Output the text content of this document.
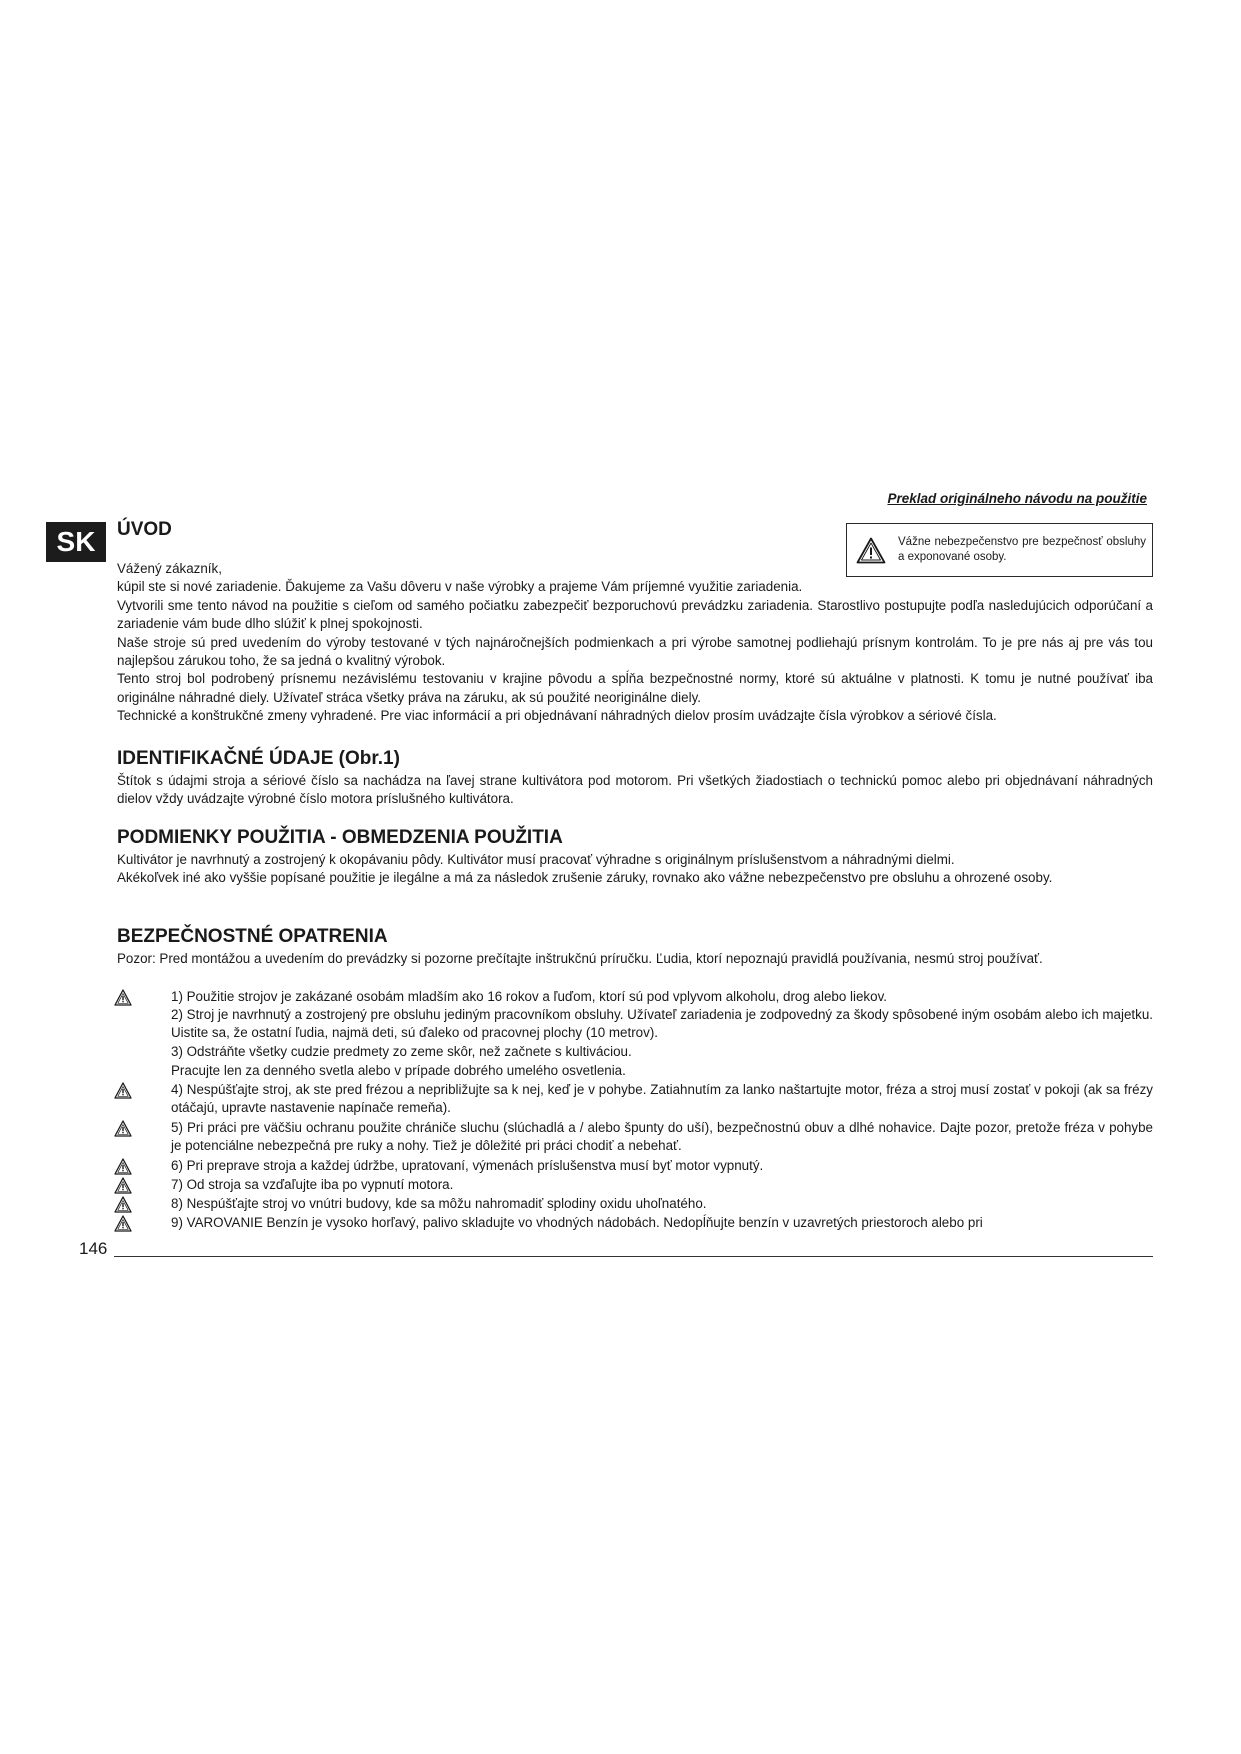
Preklad originálneho návodu na použitie
SK	ÚVOD
Vážne nebezpečenstvo pre bezpečnosť obsluhy a exponované osoby.

Vážený zákazník,

kúpil ste si nové zariadenie. Ďakujeme za Vašu dôveru v naše výrobky a prajeme Vám príjemné využitie zariadenia.

Vytvorili sme tento návod na použitie s cieľom od samého počiatku zabezpečiť bezporuchovú prevádzku zariadenia. Starostlivo postupujte podľa nasledujúcich odporúčaní a zariadenie vám bude dlho slúžiť k plnej spokojnosti.

Naše stroje sú pred uvedením do výroby testované v tých najnáročnejších podmienkach a pri výrobe samotnej podliehajú prísnym kontrolám. To je pre nás aj pre vás tou najlepšou zárukou toho, že sa jedná o kvalitný výrobok.

Tento stroj bol podrobený prísnemu nezávislému testovaniu v krajine pôvodu a spĺňa bezpečnostné normy, ktoré sú aktuálne v platnosti. K tomu je nutné používať iba originálne náhradné diely. Užívateľ stráca všetky práva na záruku, ak sú použité neoriginálne diely.

Technické a konštrukčné zmeny vyhradené. Pre viac informácií a pri objednávaní náhradných dielov prosím uvádzajte čísla výrobkov a sériové čísla.

IDENTIFIKAČNÉ ÚDAJE (Obr.1)

Štítok s údajmi stroja a sériové číslo sa nachádza na ľavej strane kultivátora pod motorom. Pri všetkých žiadostiach o technickú pomoc alebo pri objednávaní náhradných dielov vždy uvádzajte výrobné číslo motora príslušného kultivátora.

PODMIENKY POUŽITIA - OBMEDZENIA POUŽITIA

Kultivátor je navrhnutý a zostrojený k okopávaniu pôdy. Kultivátor musí pracovať výhradne s originálnym príslušenstvom a náhradnými dielmi.

Akékoľvek iné ako vyššie popísané použitie je ilegálne a má za následok zrušenie záruky, rovnako ako vážne nebezpečenstvo pre obsluhu a ohrozené osoby.

BEZPEČNOSTNÉ OPATRENIA

Pozor: Pred montážou a uvedením do prevádzky si pozorne prečítajte inštrukčnú príručku. Ľudia, ktorí nepoznajú pravidlá používania, nesmú stroj používať.

1) Použitie strojov je zakázané osobám mladším ako 16 rokov a ľuďom, ktorí sú pod vplyvom alkoholu, drog alebo liekov.
2) Stroj je navrhnutý a zostrojený pre obsluhu jediným pracovníkom obsluhy. Užívateľ zariadenia je zodpovedný za škody spôsobené iným osobám alebo ich majetku. Uistite sa, že ostatní ľudia, najmä deti, sú ďaleko od pracovnej plochy (10 metrov).
3) Odstráňte všetky cudzie predmety zo zeme skôr, než začnete s kultiváciou.
Pracujte len za denného svetla alebo v prípade dobrého umelého osvetlenia.
4) Nespúšťajte stroj, ak ste pred frézou a nepribližujte sa k nej, keď je v pohybe. Zatiahnutím za lanko naštartujte motor, fréza a stroj musí zostať v pokoji (ak sa frézy otáčajú, upravte nastavenie napínače remeňa).
5) Pri práci pre väčšiu ochranu použite chrániče sluchu (slúchadlá a / alebo špunty do uší), bezpečnostnú obuv a dlhé nohavice. Dajte pozor, pretože fréza v pohybe je potenciálne nebezpečná pre ruky a nohy. Tiež je dôležité pri práci chodiť a nebehať.
6) Pri preprave stroja a každej údržbe, upratovaní, výmenách príslušenstva musí byť motor vypnutý.
7) Od stroja sa vzďaľujte iba po vypnutí motora.
8) Nespúšťajte stroj vo vnútri budovy, kde sa môžu nahromadiť splodiny oxidu uhoľnatého.
9) VAROVANIE Benzín je vysoko horľavý, palivo skladujte vo vhodných nádobách. Nedopĺňujte benzín v uzavretých priestoroch alebo pri
146
